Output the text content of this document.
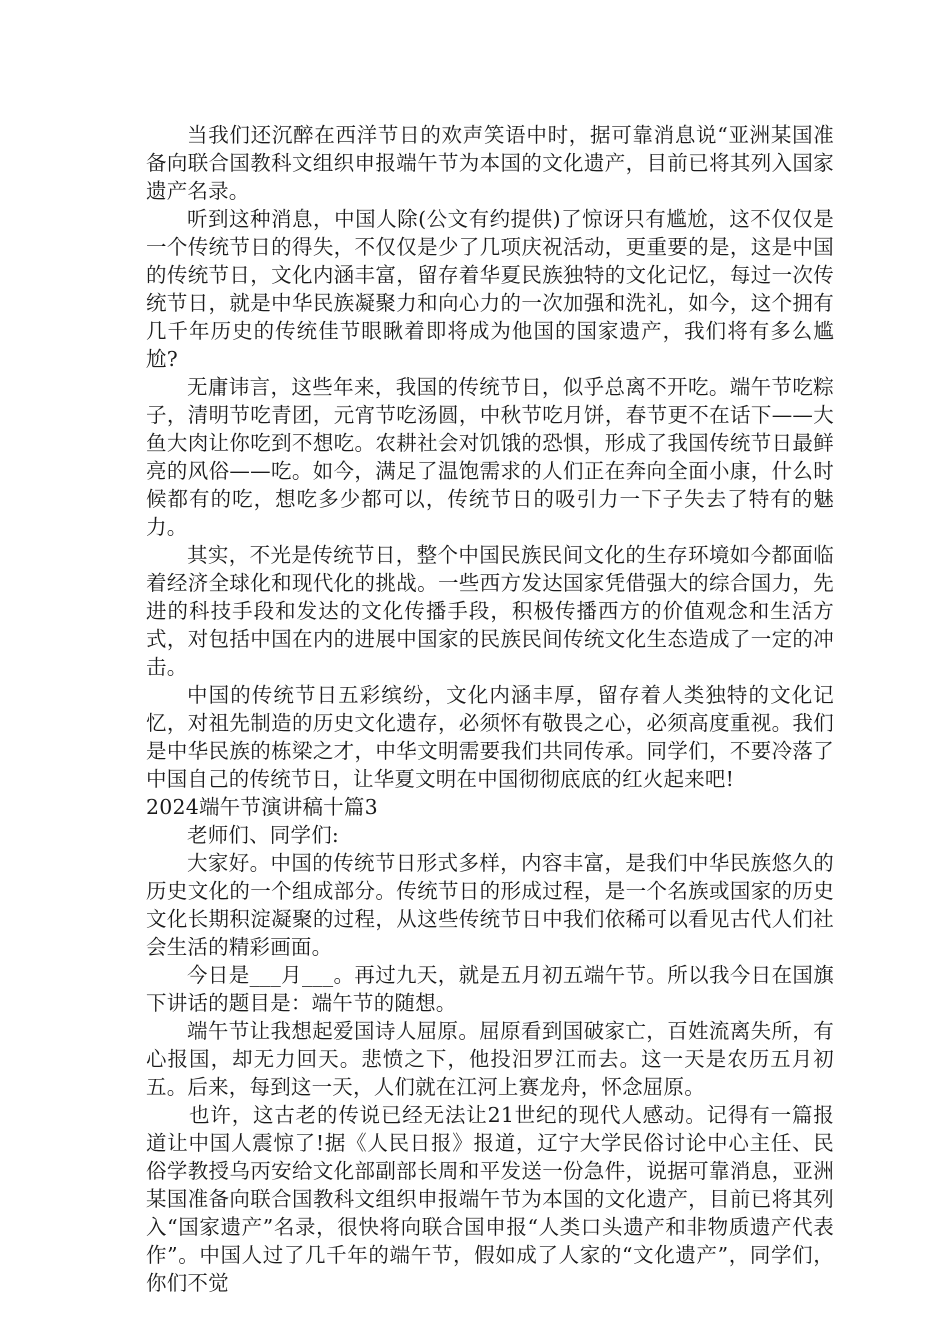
当我们还沉醉在西洋节日的欢声笑语中时，据可靠消息说“亚洲某国准备向联合国教科文组织申报端午节为本国的文化遗产，目前已将其列入国家遗产名录。

听到这种消息，中国人除(公文有约提供)了惊讶只有尴尬，这不仅仅是一个传统节日的得失，不仅仅是少了几项庆祝活动，更重要的是，这是中国的传统节日，文化内涵丰富，留存着华夏民族独特的文化记忆，每过一次传统节日，就是中华民族凝聚力和向心力的一次加强和洗礼，如今，这个拥有几千年历史的传统佳节眼瞅着即将成为他国的国家遗产，我们将有多么尴尬?

无庸讳言，这些年来，我国的传统节日，似乎总离不开吃。端午节吃粽子，清明节吃青团，元宵节吃汤圆，中秋节吃月饼，春节更不在话下——大鱼大肉让你吃到不想吃。农耕社会对饥饿的恐惧，形成了我国传统节日最鲜亮的风俗——吃。如今，满足了温饱需求的人们正在奔向全面小康，什么时候都有的吃，想吃多少都可以，传统节日的吸引力一下子失去了特有的魅力。

其实，不光是传统节日，整个中国民族民间文化的生存环境如今都面临着经济全球化和现代化的挑战。一些西方发达国家凭借强大的综合国力，先进的科技手段和发达的文化传播手段，积极传播西方的价值观念和生活方式，对包括中国在内的进展中国家的民族民间传统文化生态造成了一定的冲击。

中国的传统节日五彩缤纷，文化内涵丰厚，留存着人类独特的文化记忆，对祖先制造的历史文化遗存，必须怀有敬畏之心，必须高度重视。我们是中华民族的栋梁之才，中华文明需要我们共同传承。同学们，不要冷落了中国自己的传统节日，让华夏文明在中国彻彻底底的红火起来吧!

2024端午节演讲稿十篇3

老师们、同学们:

大家好。中国的传统节日形式多样，内容丰富，是我们中华民族悠久的历史文化的一个组成部分。传统节日的形成过程，是一个名族或国家的历史文化长期积淀凝聚的过程，从这些传统节日中我们依稀可以看见古代人们社会生活的精彩画面。

今日是___月___。再过九天，就是五月初五端午节。所以我今日在国旗下讲话的题目是：端午节的随想。

端午节让我想起爱国诗人屈原。屈原看到国破家亡，百姓流离失所，有心报国，却无力回天。悲愤之下，他投汨罗江而去。这一天是农历五月初五。后来，每到这一天，人们就在江河上赛龙舟，怀念屈原。

也许，这古老的传说已经无法让21世纪的现代人感动。记得有一篇报道让中国人震惊了!据《人民日报》报道，辽宁大学民俗讨论中心主任、民俗学教授乌丙安给文化部副部长周和平发送一份急件，说据可靠消息，亚洲某国准备向联合国教科文组织申报端午节为本国的文化遗产，目前已将其列入“国家遗产”名录，很快将向联合国申报“人类口头遗产和非物质遗产代表作”。中国人过了几千年的端午节，假如成了人家的“文化遗产”，同学们，你们不觉
